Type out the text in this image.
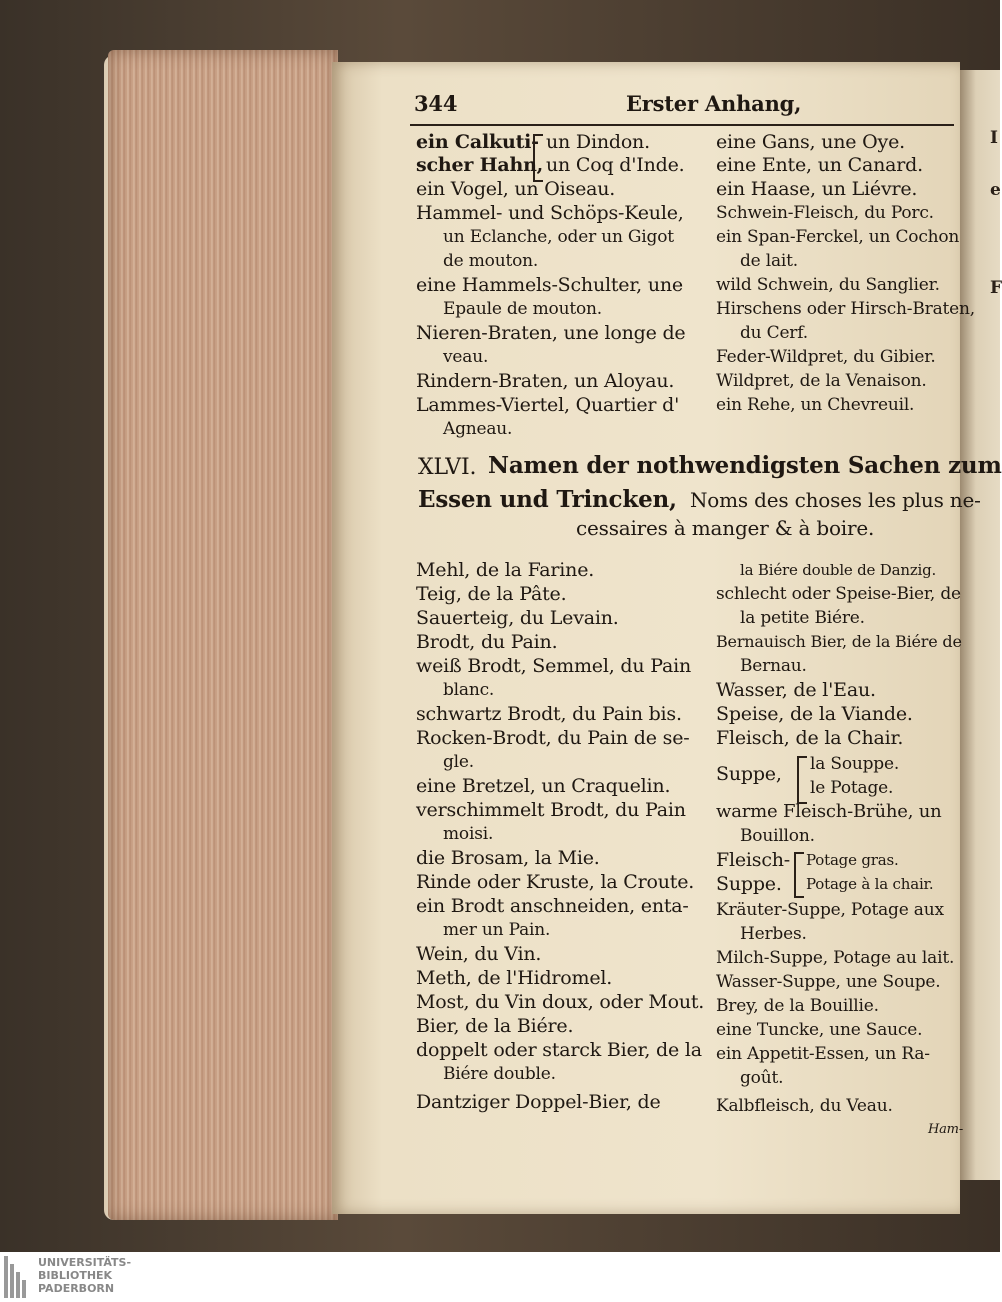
I
e
F
344	Erster Anhang,
ein Calkuti- un Dindon.
scher Hahn, un Coq d'Inde.
ein Vogel, un Oiseau.
Hammel- und Schöps-Keule,
un Eclanche, oder un Gigot
de mouton.
eine Hammels-Schulter, une
Epaule de mouton.
Nieren-Braten, une longe de
veau.
Rindern-Braten, un Aloyau.
Lammes-Viertel, Quartier d'
Agneau.
eine Gans, une Oye.
eine Ente, un Canard.
ein Haase, un Liévre.
Schwein-Fleisch, du Porc.
ein Span-Ferckel, un Cochon
de lait.
wild Schwein, du Sanglier.
Hirschens oder Hirsch-Braten,
du Cerf.
Feder-Wildpret, du Gibier.
Wildpret, de la Venaison.
ein Rehe, un Chevreuil.
XLVI. Namen der nothwendigsten Sachen zum
Essen und Trincken, Noms des choses les plus ne-
cessaires à manger & à boire.
Mehl, de la Farine.
Teig, de la Pâte.
Sauerteig, du Levain.
Brodt, du Pain.
weiß Brodt, Semmel, du Pain
blanc.
schwartz Brodt, du Pain bis.
Rocken-Brodt, du Pain de se-
gle.
eine Bretzel, un Craquelin.
verschimmelt Brodt, du Pain
moisi.
die Brosam, la Mie.
Rinde oder Kruste, la Croute.
ein Brodt anschneiden, enta-
mer un Pain.
Wein, du Vin.
Meth, de l'Hidromel.
Most, du Vin doux, oder Mout.
Bier, de la Biére.
doppelt oder starck Bier, de la
Biére double.
Dantziger Doppel-Bier, de
la Biére double de Danzig.
schlecht oder Speise-Bier, de
la petite Biére.
Bernauisch Bier, de la Biére de
Bernau.
Wasser, de l'Eau.
Speise, de la Viande.
Fleisch, de la Chair.
Suppe, la Souppe.
le Potage.
warme Fleisch-Brühe, un
Bouillon.
Fleisch- Potage gras.
Suppe. Potage à la chair.
Kräuter-Suppe, Potage aux
Herbes.
Milch-Suppe, Potage au lait.
Wasser-Suppe, une Soupe.
Brey, de la Bouillie.
eine Tuncke, une Sauce.
ein Appetit-Essen, un Ra-
goût.
Kalbfleisch, du Veau.
Ham-
UNIVERSITÄTS-
BIBLIOTHEK
PADERBORN
